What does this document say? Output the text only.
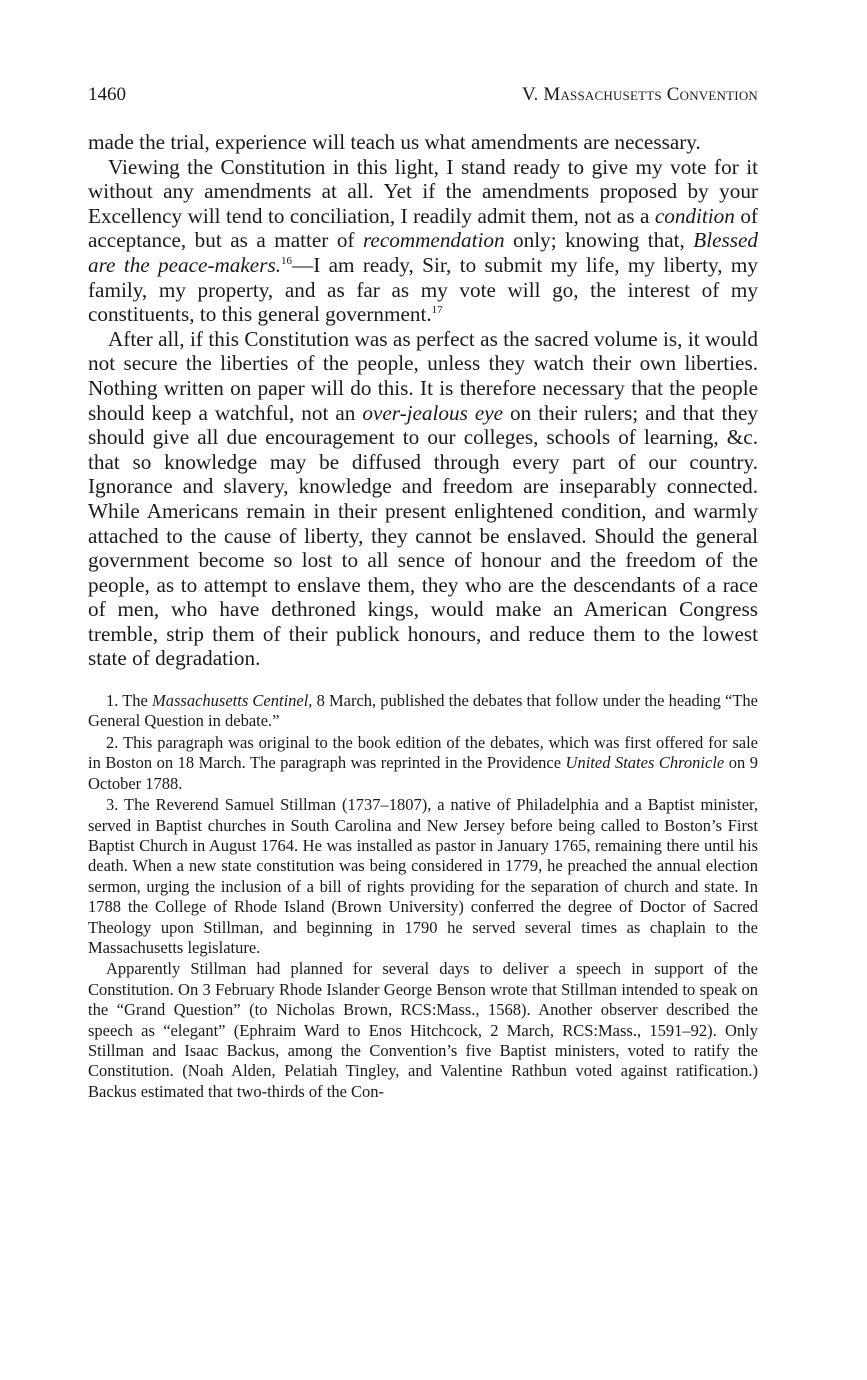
1460	V. Massachusetts Convention

made the trial, experience will teach us what amendments are necessary.

Viewing the Constitution in this light, I stand ready to give my vote for it without any amendments at all. Yet if the amendments proposed by your Excellency will tend to conciliation, I readily admit them, not as a condition of acceptance, but as a matter of recommendation only; knowing that, Blessed are the peace-makers.$^{16}$—I am ready, Sir, to submit my life, my liberty, my family, my property, and as far as my vote will go, the interest of my constituents, to this general government.$^{17}$

After all, if this Constitution was as perfect as the sacred volume is, it would not secure the liberties of the people, unless they watch their own liberties. Nothing written on paper will do this. It is therefore necessary that the people should keep a watchful, not an over-jealous eye on their rulers; and that they should give all due encouragement to our colleges, schools of learning, &c. that so knowledge may be diffused through every part of our country. Ignorance and slavery, knowledge and freedom are inseparably connected. While Americans remain in their present enlightened condition, and warmly attached to the cause of liberty, they cannot be enslaved. Should the general government become so lost to all sence of honour and the freedom of the people, as to attempt to enslave them, they who are the descendants of a race of men, who have dethroned kings, would make an American Congress tremble, strip them of their publick honours, and reduce them to the lowest state of degradation.

1. The Massachusetts Centinel, 8 March, published the debates that follow under the heading “The General Question in debate.”

2. This paragraph was original to the book edition of the debates, which was first offered for sale in Boston on 18 March. The paragraph was reprinted in the Providence United States Chronicle on 9 October 1788.

3. The Reverend Samuel Stillman (1737–1807), a native of Philadelphia and a Baptist minister, served in Baptist churches in South Carolina and New Jersey before being called to Boston’s First Baptist Church in August 1764. He was installed as pastor in January 1765, remaining there until his death. When a new state constitution was being considered in 1779, he preached the annual election sermon, urging the inclusion of a bill of rights providing for the separation of church and state. In 1788 the College of Rhode Island (Brown University) conferred the degree of Doctor of Sacred Theology upon Stillman, and beginning in 1790 he served several times as chaplain to the Massachusetts legislature.

Apparently Stillman had planned for several days to deliver a speech in support of the Constitution. On 3 February Rhode Islander George Benson wrote that Stillman intended to speak on the “Grand Question” (to Nicholas Brown, RCS:Mass., 1568). Another observer described the speech as “elegant” (Ephraim Ward to Enos Hitchcock, 2 March, RCS:Mass., 1591–92). Only Stillman and Isaac Backus, among the Convention’s five Baptist ministers, voted to ratify the Constitution. (Noah Alden, Pelatiah Tingley, and Valentine Rathbun voted against ratification.) Backus estimated that two-thirds of the Con-
